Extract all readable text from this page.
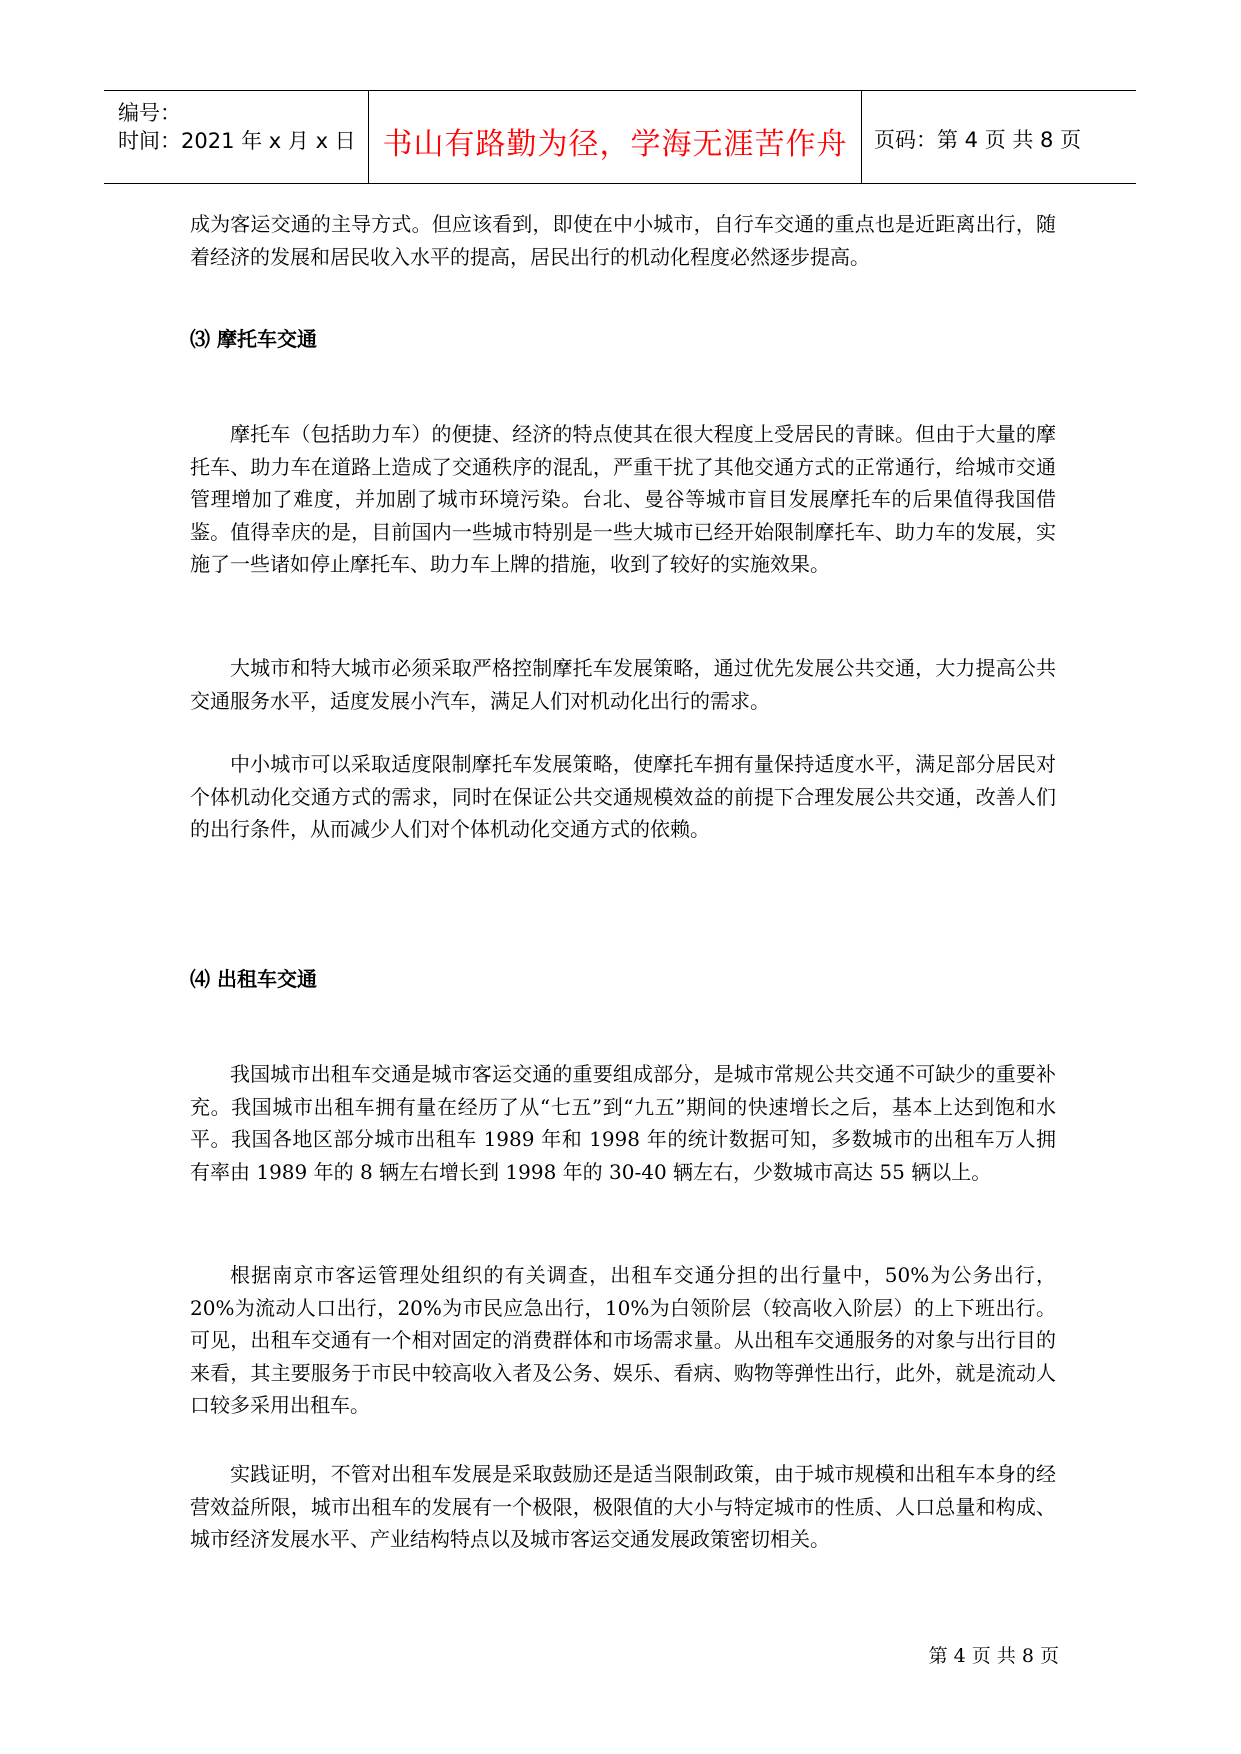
编号：
时间：2021 年 x 月 x 日 书山有路勤为径，学海无涯苦作舟	页码：第 4 页 共 8 页

成为客运交通的主导方式。但应该看到，即使在中小城市，自行车交通的重点也是近距离出行，随着经济的发展和居民收入水平的提高，居民出行的机动化程度必然逐步提高。

⑶ 摩托车交通

摩托车（包括助力车）的便捷、经济的特点使其在很大程度上受居民的青睐。但由于大量的摩托车、助力车在道路上造成了交通秩序的混乱，严重干扰了其他交通方式的正常通行，给城市交通管理增加了难度，并加剧了城市环境污染。台北、曼谷等城市盲目发展摩托车的后果值得我国借鉴。值得幸庆的是，目前国内一些城市特别是一些大城市已经开始限制摩托车、助力车的发展，实施了一些诸如停止摩托车、助力车上牌的措施，收到了较好的实施效果。

大城市和特大城市必须采取严格控制摩托车发展策略，通过优先发展公共交通，大力提高公共交通服务水平，适度发展小汽车，满足人们对机动化出行的需求。

中小城市可以采取适度限制摩托车发展策略，使摩托车拥有量保持适度水平，满足部分居民对个体机动化交通方式的需求，同时在保证公共交通规模效益的前提下合理发展公共交通，改善人们的出行条件，从而减少人们对个体机动化交通方式的依赖。

⑷ 出租车交通

我国城市出租车交通是城市客运交通的重要组成部分，是城市常规公共交通不可缺少的重要补充。我国城市出租车拥有量在经历了从“七五”到“九五”期间的快速增长之后，基本上达到饱和水平。我国各地区部分城市出租车 1989 年和 1998 年的统计数据可知，多数城市的出租车万人拥有率由 1989 年的 8 辆左右增长到 1998 年的 30-40 辆左右，少数城市高达 55 辆以上。

根据南京市客运管理处组织的有关调查，出租车交通分担的出行量中，50%为公务出行，20%为流动人口出行，20%为市民应急出行，10%为白领阶层（较高收入阶层）的上下班出行。可见，出租车交通有一个相对固定的消费群体和市场需求量。从出租车交通服务的对象与出行目的来看，其主要服务于市民中较高收入者及公务、娱乐、看病、购物等弹性出行，此外，就是流动人口较多采用出租车。

实践证明，不管对出租车发展是采取鼓励还是适当限制政策，由于城市规模和出租车本身的经营效益所限，城市出租车的发展有一个极限，极限值的大小与特定城市的性质、人口总量和构成、城市经济发展水平、产业结构特点以及城市客运交通发展政策密切相关。

第 4 页 共 8 页
